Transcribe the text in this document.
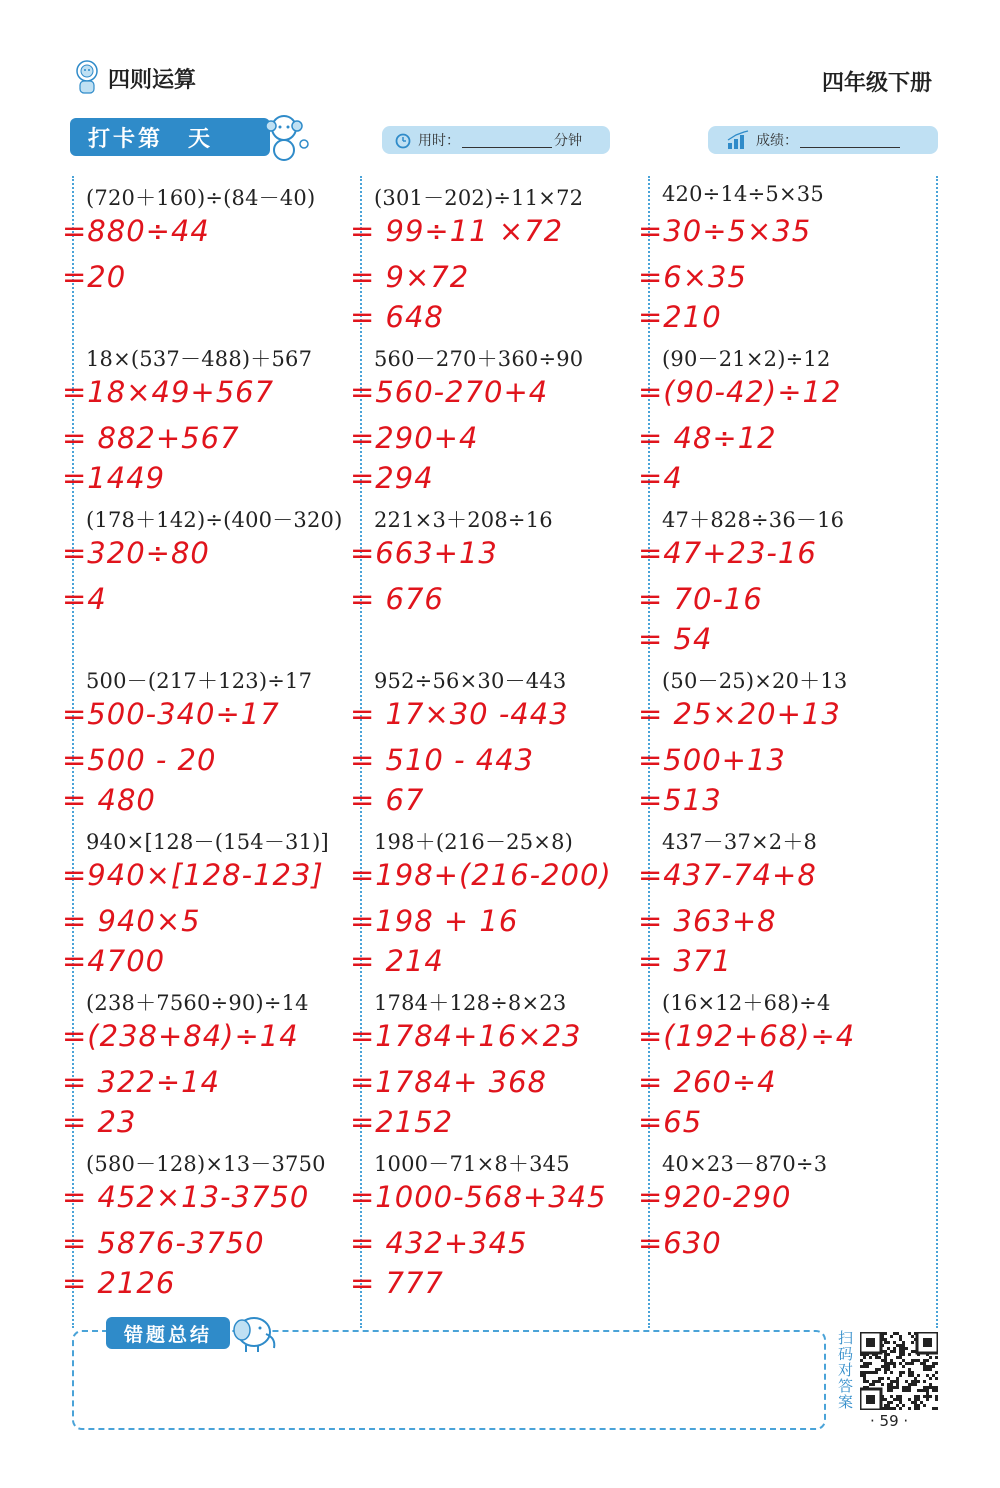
四则运算	四年级下册
打卡第　天	用时：	分钟	成绩：
(720＋160)÷(84－40)
=880÷44
=20
(301－202)÷11×72
= 99÷11 ×72
= 9×72
= 648
420÷14÷5×35
=30÷5×35
=6×35
=210
18×(537－488)＋567
=18×49+567
= 882+567
=1449
560－270＋360÷90
=560-270+4
=290+4
=294
(90－21×2)÷12
=(90-42)÷12
= 48÷12
=4
(178＋142)÷(400－320)
=320÷80
=4
221×3＋208÷16
=663+13
= 676
47＋828÷36－16
=47+23-16
= 70-16
= 54
500－(217＋123)÷17
=500-340÷17
=500 - 20
= 480
952÷56×30－443
= 17×30 -443
= 510 - 443
= 67
(50－25)×20＋13
= 25×20+13
=500+13
=513
940×[128－(154－31)]
=940×[128-123]
= 940×5
=4700
198＋(216－25×8)
=198+(216-200)
=198 + 16
= 214
437－37×2＋8
=437-74+8
= 363+8
= 371
(238＋7560÷90)÷14
=(238+84)÷14
= 322÷14
= 23
1784＋128÷8×23
=1784+16×23
=1784+ 368
=2152
(16×12＋68)÷4
=(192+68)÷4
= 260÷4
=65
(580－128)×13－3750
= 452×13-3750
= 5876-3750
= 2126
1000－71×8＋345
=1000-568+345
= 432+345
= 777
40×23－870÷3
=920-290
=630
错题总结	扫码对答案
· 59 ·
